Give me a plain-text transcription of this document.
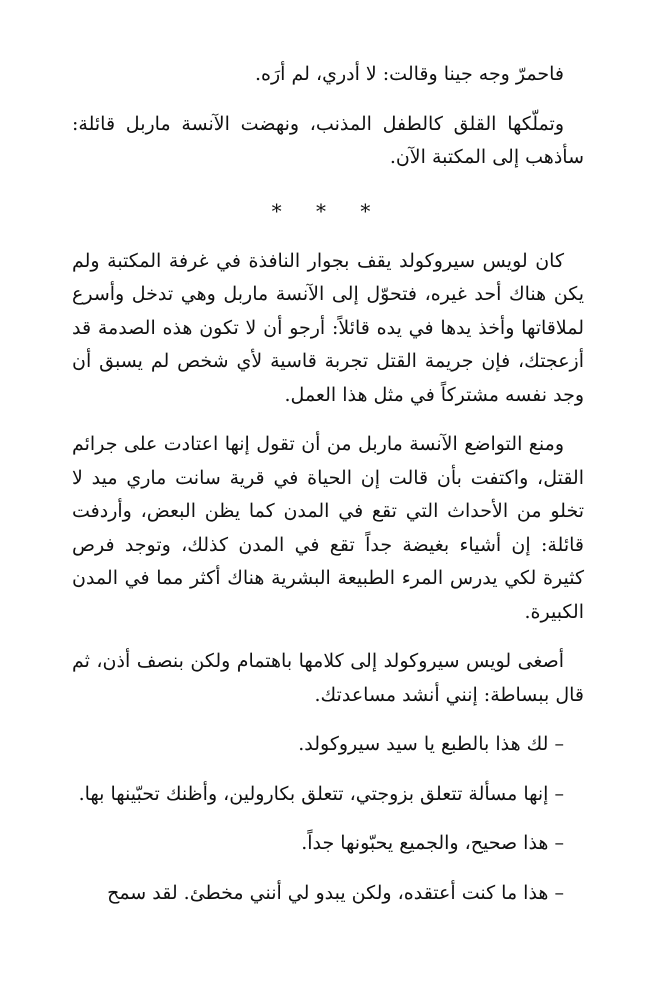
فاحمرّ وجه جينا وقالت: لا أدري، لم أرَه.

وتملّكها القلق كالطفل المذنب، ونهضت الآنسة ماربل قائلة: سأذهب إلى المكتبة الآن.

* * *

كان لويس سيروكولد يقف بجوار النافذة في غرفة المكتبة ولم يكن هناك أحد غيره، فتحوّل إلى الآنسة ماربل وهي تدخل وأسرع لملاقاتها وأخذ يدها في يده قائلاً: أرجو أن لا تكون هذه الصدمة قد أزعجتك، فإن جريمة القتل تجربة قاسية لأي شخص لم يسبق أن وجد نفسه مشتركاً في مثل هذا العمل.

ومنع التواضع الآنسة ماربل من أن تقول إنها اعتادت على جرائم القتل، واكتفت بأن قالت إن الحياة في قرية سانت ماري ميد لا تخلو من الأحداث التي تقع في المدن كما يظن البعض، وأردفت قائلة: إن أشياء بغيضة جداً تقع في المدن كذلك، وتوجد فرص كثيرة لكي يدرس المرء الطبيعة البشرية هناك أكثر مما في المدن الكبيرة.

أصغى لويس سيروكولد إلى كلامها باهتمام ولكن بنصف أذن، ثم قال ببساطة: إنني أنشد مساعدتك.

– لك هذا بالطبع يا سيد سيروكولد.

– إنها مسألة تتعلق بزوجتي، تتعلق بكارولين، وأظنك تحبّينها بها.

– هذا صحيح، والجميع يحبّونها جداً.

– هذا ما كنت أعتقده، ولكن يبدو لي أنني مخطئ. لقد سمح
